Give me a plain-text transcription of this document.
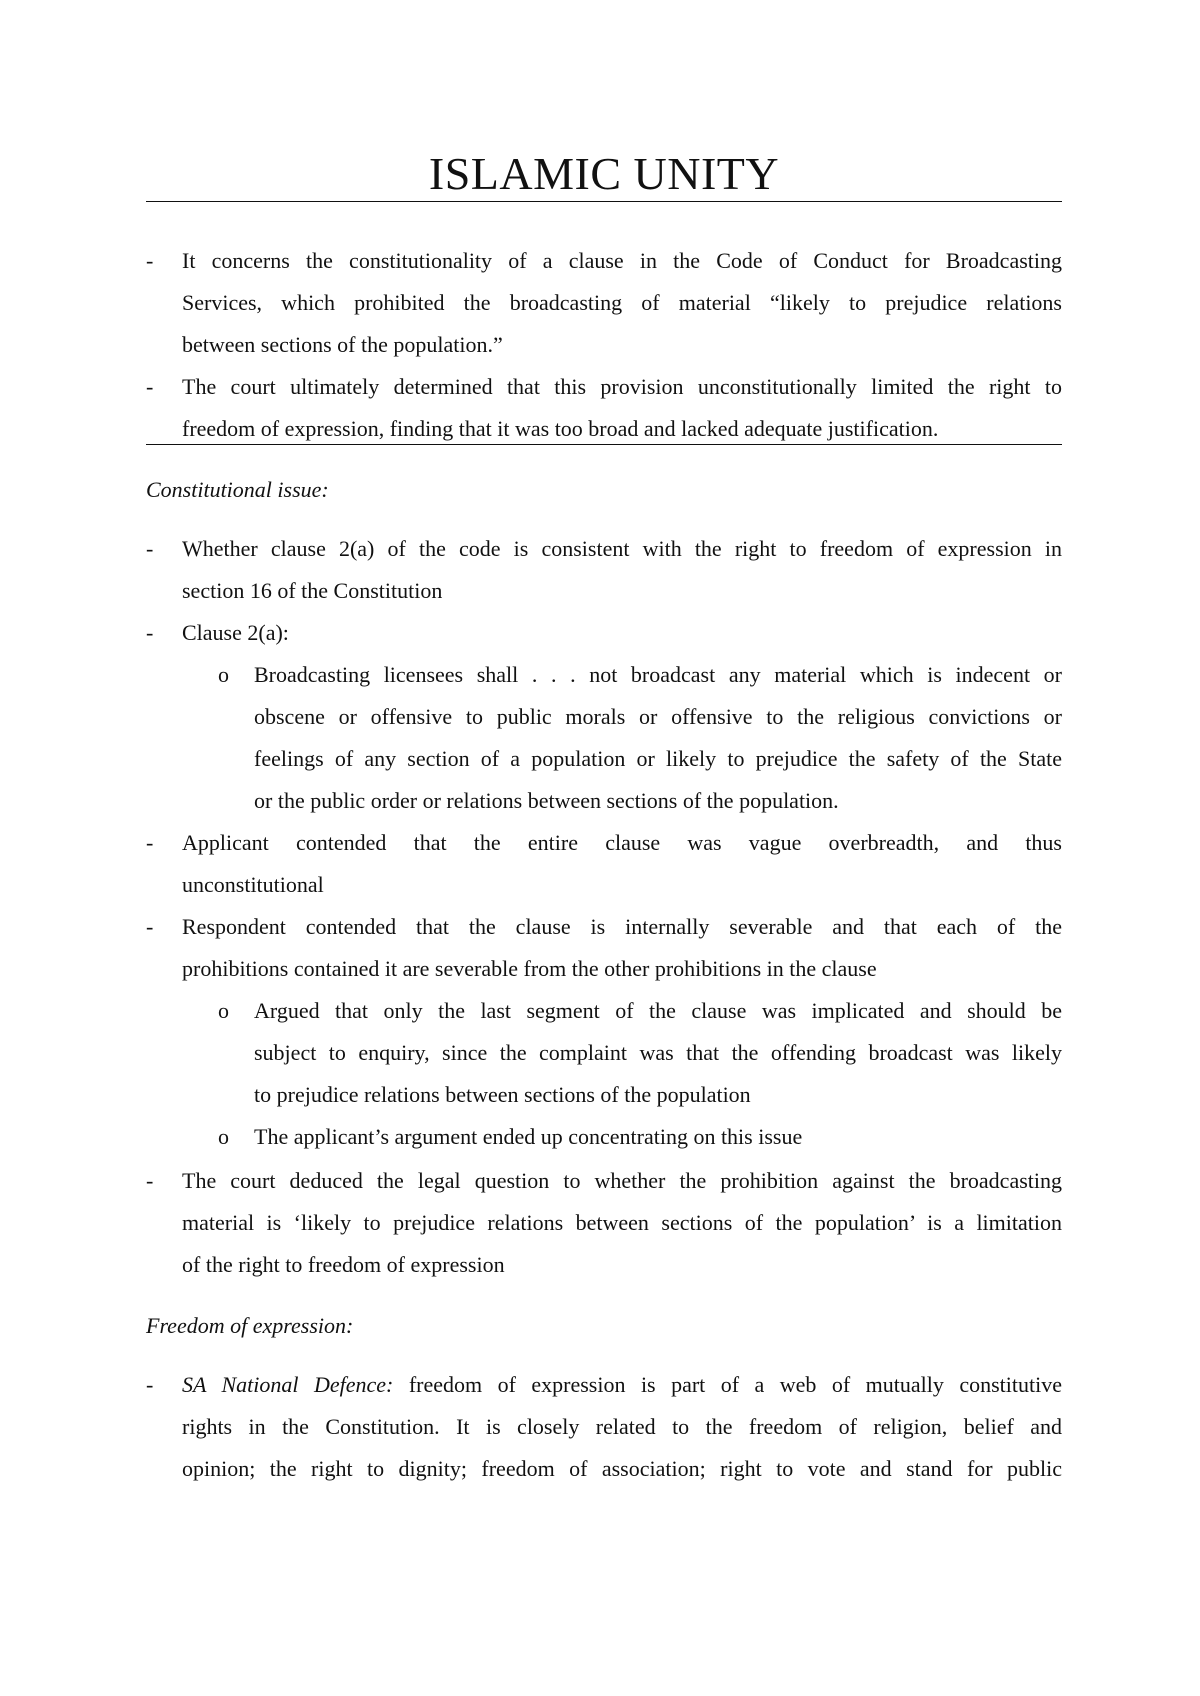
ISLAMIC UNITY
-	It concerns the constitutionality of a clause in the Code of Conduct for Broadcasting
Services, which prohibited the broadcasting of material “likely to prejudice relations
between sections of the population.”
-	The court ultimately determined that this provision unconstitutionally limited the right to
freedom of expression, finding that it was too broad and lacked adequate justification.
Constitutional issue:
-	Whether clause 2(a) of the code is consistent with the right to freedom of expression in
section 16 of the Constitution
-	Clause 2(a):
o	Broadcasting licensees shall . . . not broadcast any material which is indecent or
obscene or offensive to public morals or offensive to the religious convictions or
feelings of any section of a population or likely to prejudice the safety of the State
or the public order or relations between sections of the population.
-	Applicant contended that the entire clause was vague overbreadth, and thus
unconstitutional
-	Respondent contended that the clause is internally severable and that each of the
prohibitions contained it are severable from the other prohibitions in the clause
o	Argued that only the last segment of the clause was implicated and should be
subject to enquiry, since the complaint was that the offending broadcast was likely
to prejudice relations between sections of the population
o	The applicant’s argument ended up concentrating on this issue
-	The court deduced the legal question to whether the prohibition against the broadcasting
material is ‘likely to prejudice relations between sections of the population’ is a limitation
of the right to freedom of expression
Freedom of expression:
-	SA National Defence: freedom of expression is part of a web of mutually constitutive
rights in the Constitution. It is closely related to the freedom of religion, belief and
opinion; the right to dignity; freedom of association; right to vote and stand for public
